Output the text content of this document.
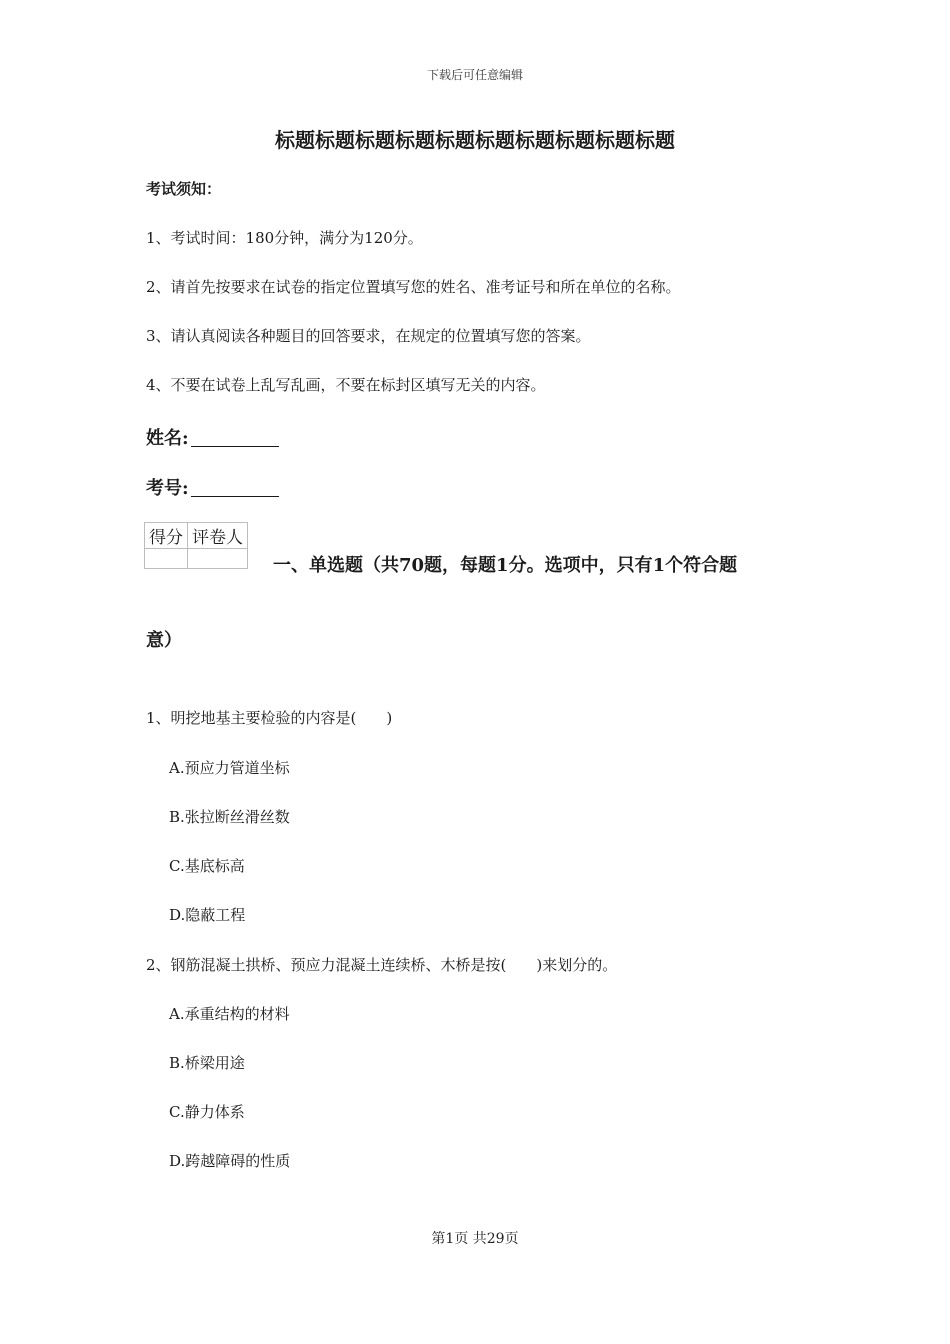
下载后可任意编辑
标题标题标题标题标题标题标题标题标题标题
考试须知：
1、考试时间：180分钟，满分为120分。
2、请首先按要求在试卷的指定位置填写您的姓名、准考证号和所在单位的名称。
3、请认真阅读各种题目的回答要求，在规定的位置填写您的答案。
4、不要在试卷上乱写乱画，不要在标封区填写无关的内容。
姓名:
考号:
得分	评卷人

一、单选题（共70题，每题1分。选项中，只有1个符合题
意）
1、明挖地基主要检验的内容是(　　)
A.预应力管道坐标
B.张拉断丝滑丝数
C.基底标高
D.隐蔽工程
2、钢筋混凝土拱桥、预应力混凝土连续桥、木桥是按(　　)来划分的。
A.承重结构的材料
B.桥梁用途
C.静力体系
D.跨越障碍的性质
第1页 共29页
